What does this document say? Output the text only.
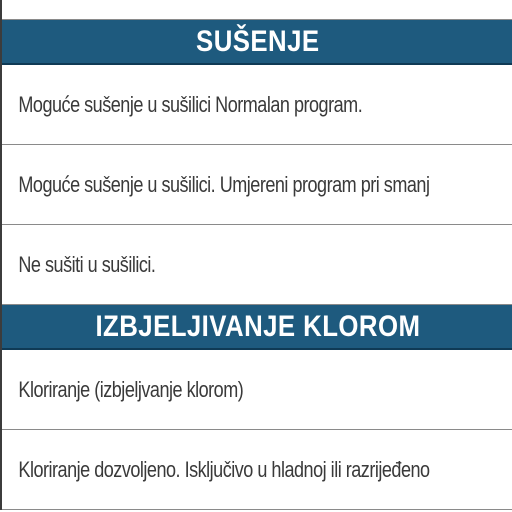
SUŠENJE
Moguće sušenje u sušilici Normalan program.
Moguće sušenje u sušilici. Umjereni program pri smanj
Ne sušiti u sušilici.
IZBJELJIVANJE KLOROM
Kloriranje (izbjeljvanje klorom)
Kloriranje dozvoljeno. Isključivo u hladnoj ili razrijeđeno
